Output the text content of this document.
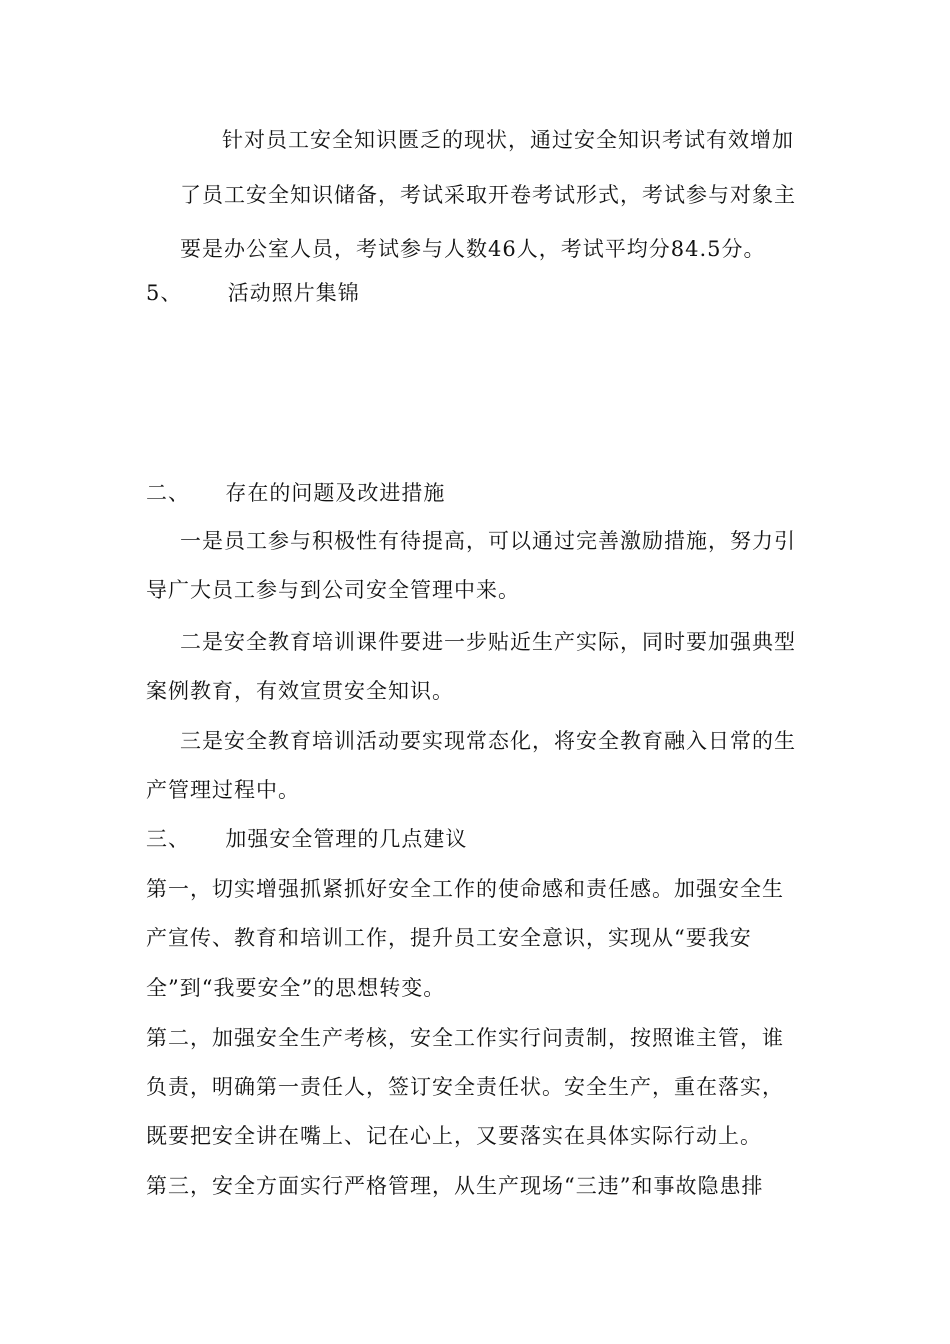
针对员工安全知识匮乏的现状，通过安全知识考试有效增加
了员工安全知识储备，考试采取开卷考试形式，考试参与对象主
要是办公室人员，考试参与人数46人，考试平均分84.5分。
5、 活动照片集锦
二、 存在的问题及改进措施
一是员工参与积极性有待提高，可以通过完善激励措施，努力引
导广大员工参与到公司安全管理中来。
二是安全教育培训课件要进一步贴近生产实际，同时要加强典型
案例教育，有效宣贯安全知识。
三是安全教育培训活动要实现常态化，将安全教育融入日常的生
产管理过程中。
三、 加强安全管理的几点建议
第一，切实增强抓紧抓好安全工作的使命感和责任感。加强安全生
产宣传、教育和培训工作，提升员工安全意识，实现从“要我安
全”到“我要安全”的思想转变。
第二，加强安全生产考核，安全工作实行问责制，按照谁主管，谁
负责，明确第一责任人，签订安全责任状。安全生产，重在落实，
既要把安全讲在嘴上、记在心上，又要落实在具体实际行动上。
第三，安全方面实行严格管理，从生产现场“三违”和事故隐患排
